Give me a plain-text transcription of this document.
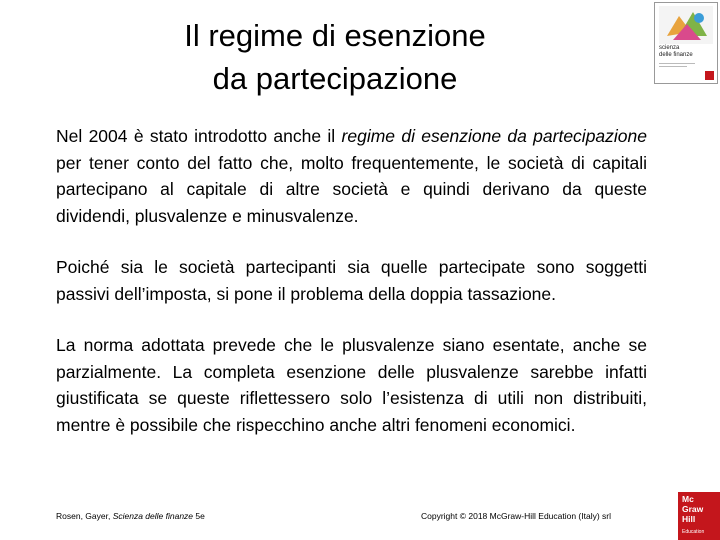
Il regime di esenzione
da partecipazione
scienza
delle finanze

Nel 2004 è stato introdotto anche il regime di esenzione da partecipazione per tener conto del fatto che, molto frequentemente, le società di capitali partecipano al capitale di altre società e quindi derivano da queste dividendi, plusvalenze e minusvalenze.

Poiché sia le società partecipanti sia quelle partecipate sono soggetti passivi dell’imposta, si pone il problema della doppia tassazione.

La norma adottata prevede che le plusvalenze siano esentate, anche se parzialmente. La completa esenzione delle plusvalenze sarebbe infatti giustificata se queste riflettessero solo l’esistenza di utili non distribuiti, mentre è possibile che rispecchino anche altri fenomeni economici.

Rosen, Gayer, Scienza delle finanze 5e	Copyright © 2018 McGraw-Hill Education (Italy) srl
Mc
Graw
Hill
Education
